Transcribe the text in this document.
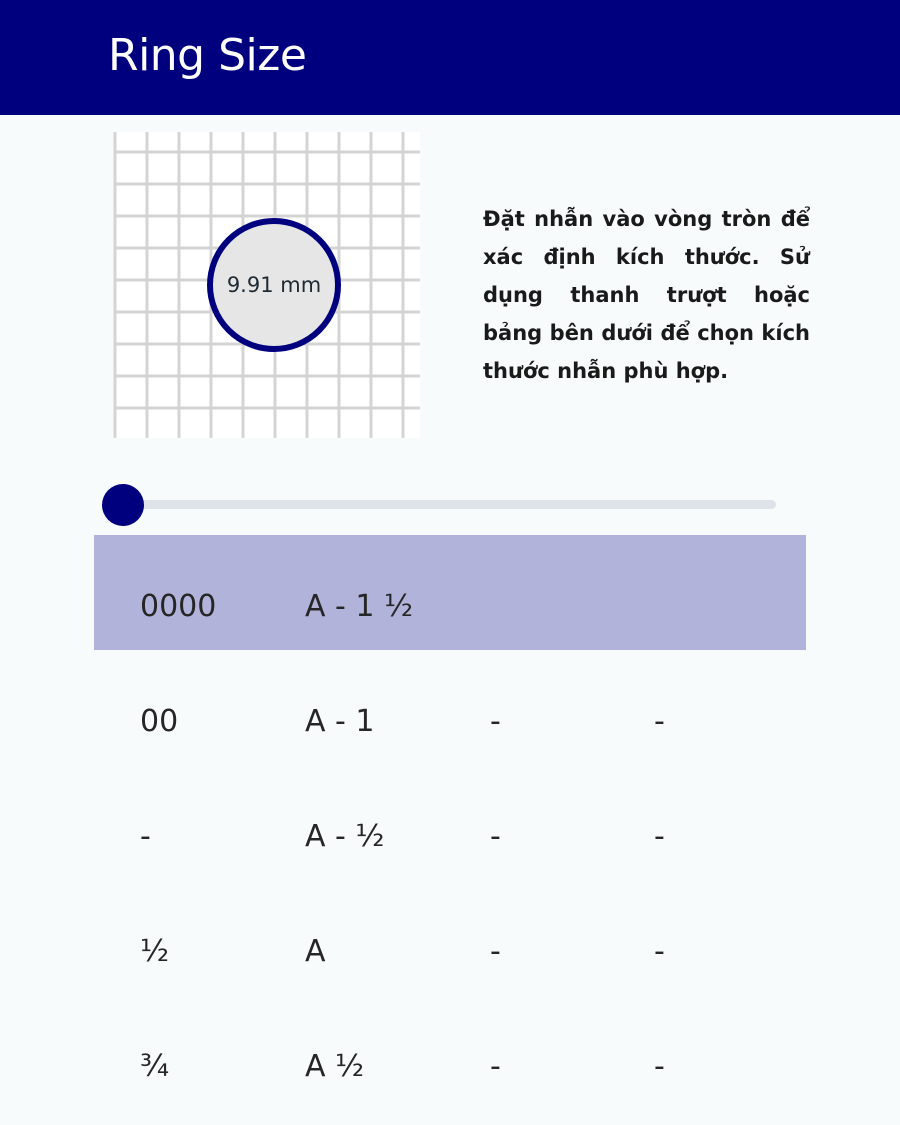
Ring Size
9.91 mm
Đặt nhẫn vào vòng tròn để xác định kích thước. Sử dụng thanh trượt hoặc bảng bên dưới để chọn kích thước nhẫn phù hợp.
0000	A - 1 ½
00	A - 1	-	-
-	A - ½	-	-
½	A	-	-
¾	A ½	-	-
